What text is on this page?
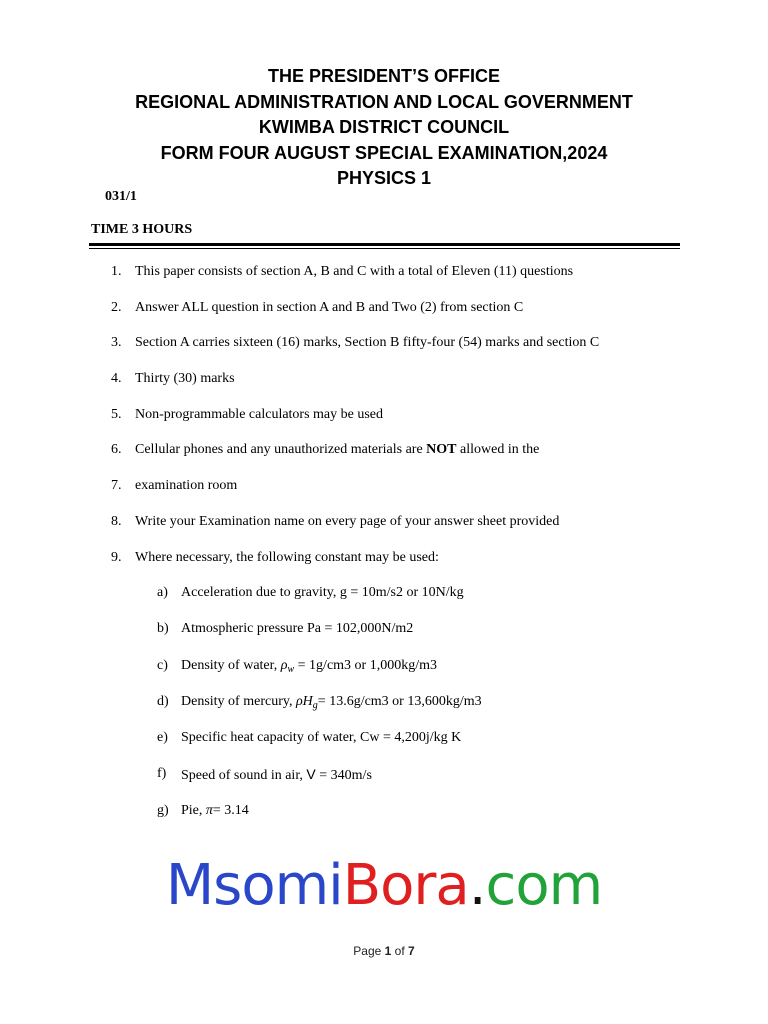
THE PRESIDENT’S OFFICE
REGIONAL ADMINISTRATION AND LOCAL GOVERNMENT
KWIMBA DISTRICT COUNCIL
FORM FOUR AUGUST SPECIAL EXAMINATION,2024
PHYSICS 1
031/1
TIME 3 HOURS
1. This paper consists of section A, B and C with a total of Eleven (11) questions
2. Answer ALL question in section A and B and Two (2) from section C
3. Section A carries sixteen (16) marks, Section B fifty-four (54) marks and section C
4. Thirty (30) marks
5. Non-programmable calculators may be used
6. Cellular phones and any unauthorized materials are NOT allowed in the
7. examination room
8. Write your Examination name on every page of your answer sheet provided
9. Where necessary, the following constant may be used:
a) Acceleration due to gravity, g = 10m/s2 or 10N/kg
b) Atmospheric pressure Pa = 102,000N/m2
c) Density of water, $\rho_w = 1g/cm3$ or 1,000kg/m3
d) Density of mercury, $\rho H_g= 13.6g/cm3$ or 13,600kg/m3
e) Specific heat capacity of water, Cw = 4,200j/kg K
f) Speed of sound in air, V = 340m/s
g) Pie, π= 3.14
MsomiBora.com
Page 1 of 7
